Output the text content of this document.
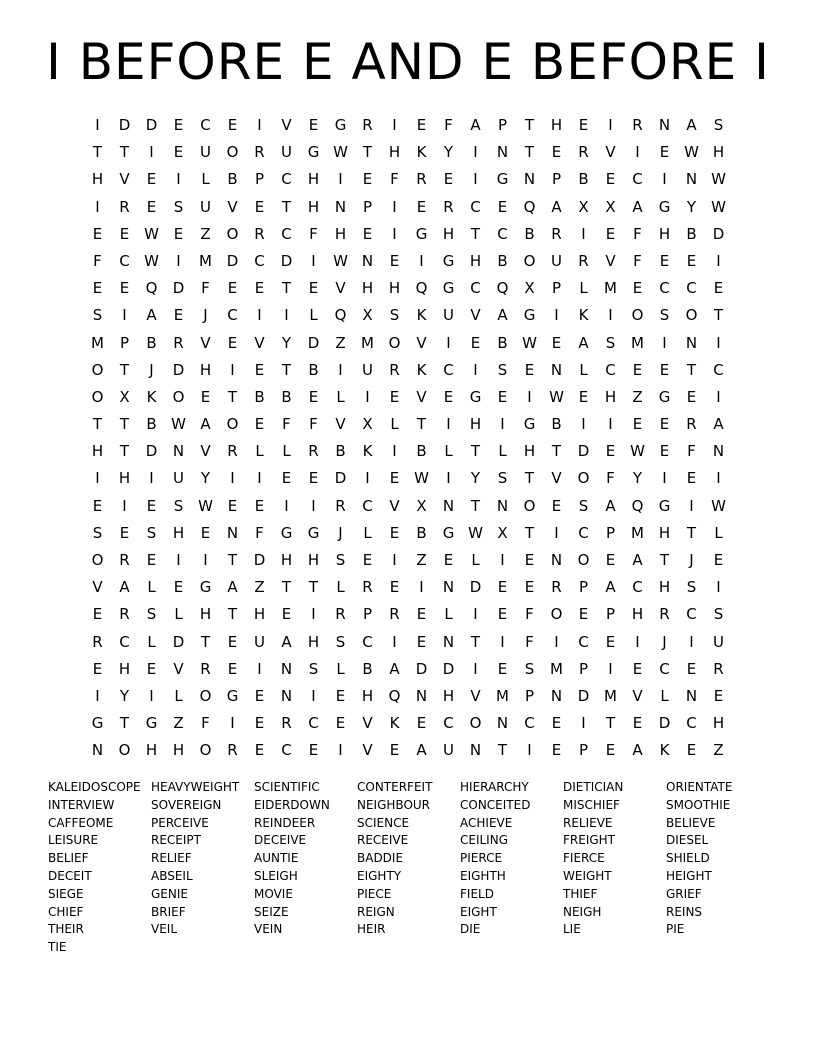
I BEFORE E AND E BEFORE I
I	D	D	E	C	E	I	V	E	G	R	I	E	F	A	P	T	H	E	I	R	N	A	S
T	T	I	E	U	O	R	U	G W T	H	K	Y	I	N	T	E	R	V	I	E W H
H	V	E	I	L	B	P	C	H	I	E	F	R	E	I	G	N	P	B	E	C	I	N W
I	R	E	S	U	V	E	T	H	N	P	I	E	R	C	E	Q	A	X	X	A	G	Y	W
E	E W E	Z	O	R	C	F	H	E	I	G	H	T	C	B	R	I	E	F	H	B	D
F	C W	I	M D	C	D	I	W N	E	I	G	H	B	O	U	R	V	F	E	E	I
E	E	Q	D	F	E	E	T	E	V	H	H	Q	G	C	Q	X	P	L	M	E	C	C	E
S	I	A	E	J	C	I	I	L	Q	X	S	K	U	V	A	G	I	K	I	O	S	O	T
M	P	B	R	V	E	V	Y	D	Z	M O	V	I	E	B W E	A	S	M	I	N	I
O	T	J	D	H	I	E	T	B	I	U	R	K	C	I	S	E	N	L	C	E	E	T	C
O	X	K	O	E	T	B	B	E	L	I	E	V	E	G	E	I	W E	H	Z	G	E	I
T	T	B W A	O	E	F	F	V	X	L	T	I	H	I	G	B	I	I	E	E	R	A
H	T	D	N	V	R	L	L	R	B	K	I	B	L	T	L	H	T	D	E W E	F	N
I	H	I	U	Y	I	I	E	E	D	I	E W	I	Y	S	T	V	O	F	Y	I	E	I
E	I	E	S W E	E	I	I	R	C	V	X	N	T	N	O	E	S	A	Q	G	I	W
S	E	S	H	E	N	F	G	G	J	L	E	B	G W X	T	I	C	P	M H	T	L
O	R	E	I	I	T	D	H	H	S	E	I	Z	E	L	I	E	N	O	E	A	T	J	E
V	A	L	E	G	A	Z	T	T	L	R	E	I	N	D	E	E	R	P	A	C	H	S	I
E	R	S	L	H	T	H	E	I	R	P	R	E	L	I	E	F	O	E	P	H	R	C	S
R	C	L	D	T	E	U	A	H	S	C	I	E	N	T	I	F	I	C	E	I	J	I	U
E	H	E	V	R	E	I	N	S	L	B	A	D	D	I	E	S	M	P	I	E	C	E	R
I	Y	I	L	O	G	E	N	I	E	H	Q	N	H	V	M	P	N	D M	V	L	N	E
G	T	G	Z	F	I	E	R	C	E	V	K	E	C	O	N	C	E	I	T	E	D	C	H
N	O	H	H	O	R	E	C	E	I	V	E	A	U	N	T	I	E	P	E	A	K	E	Z
KALEIDOSCOPE
INTERVIEW
CAFFEOME
LEISURE
BELIEF
DECEIT
SIEGE
CHIEF
THEIR
TIE
HEAVYWEIGHT
SOVEREIGN
PERCEIVE
RECEIPT
RELIEF
ABSEIL
GENIE
BRIEF
VEIL
SCIENTIFIC
EIDERDOWN
REINDEER
DECEIVE
AUNTIE
SLEIGH
MOVIE
SEIZE
VEIN
CONTERFEIT
NEIGHBOUR
SCIENCE
RECEIVE
BADDIE
EIGHTY
PIECE
REIGN
HEIR
HIERARCHY
CONCEITED
ACHIEVE
CEILING
PIERCE
EIGHTH
FIELD
EIGHT
DIE
DIETICIAN
MISCHIEF
RELIEVE
FREIGHT
FIERCE
WEIGHT
THIEF
NEIGH
LIE
ORIENTATE
SMOOTHIE
BELIEVE
DIESEL
SHIELD
HEIGHT
GRIEF
REINS
PIE
